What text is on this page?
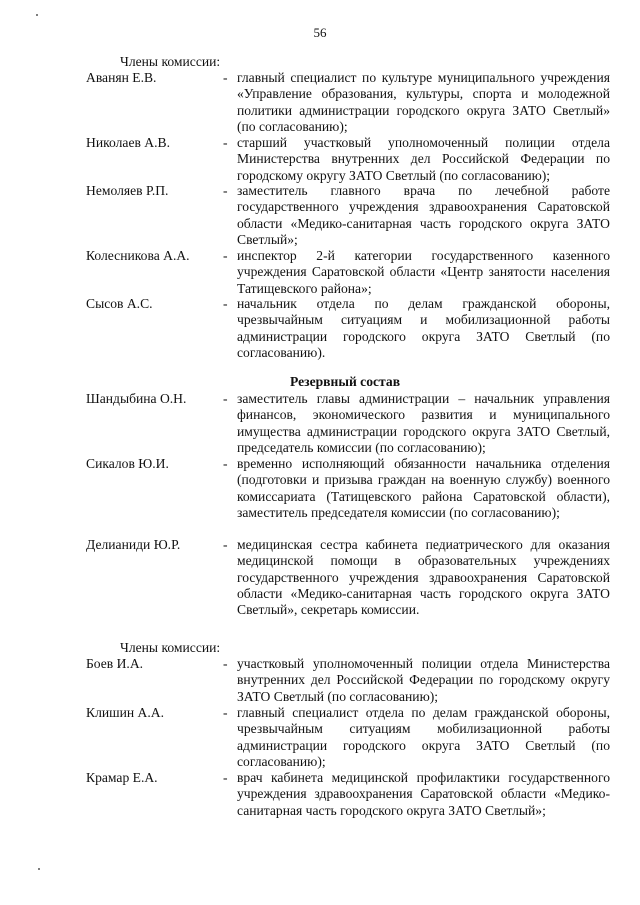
56
Члены комиссии:
Аванян Е.В.	- главный специалист по культуре муниципального учреждения «Управление образования, культуры, спорта и молодежной политики администрации городского округа ЗАТО Светлый» (по согласованию);
Николаев А.В.	- старший участковый уполномоченный полиции отдела Министерства внутренних дел Российской Федерации по городскому округу ЗАТО Светлый (по согласованию);
Немоляев Р.П.	- заместитель главного врача по лечебной работе государственного учреждения здравоохранения Саратовской области «Медико-санитарная часть городского округа ЗАТО Светлый»;
Колесникова А.А. - инспектор 2-й категории государственного казенного учреждения Саратовской области «Центр занятости населения Татищевского района»;
Сысов А.С.	- начальник отдела по делам гражданской обороны, чрезвычайным ситуациям и мобилизационной работы администрации городского округа ЗАТО Светлый (по согласованию).
Резервный состав
Шандыбина О.Н.	- заместитель главы администрации – начальник управления финансов, экономического развития и муниципального имущества администрации городского округа ЗАТО Светлый, председатель комиссии (по согласованию);
Сикалов Ю.И.	- временно исполняющий обязанности начальника отделения (подготовки и призыва граждан на военную службу) военного комиссариата (Татищевского района Саратовской области), заместитель председателя комиссии (по согласованию);
Делианиди Ю.Р.	- медицинская сестра кабинета педиатрического для оказания медицинской помощи в образовательных учреждениях государственного учреждения здравоохранения Саратовской области «Медико-санитарная часть городского округа ЗАТО Светлый», секретарь комиссии.
Члены комиссии:
Боев И.А.	- участковый уполномоченный полиции отдела Министерства внутренних дел Российской Федерации по городскому округу ЗАТО Светлый (по согласованию);
Клишин А.А.	- главный специалист отдела по делам гражданской обороны, чрезвычайным ситуациям мобилизационной работы администрации городского округа ЗАТО Светлый (по согласованию);
Крамар Е.А.	- врач кабинета медицинской профилактики государственного учреждения здравоохранения Саратовской области «Медико-санитарная часть городского округа ЗАТО Светлый»;
